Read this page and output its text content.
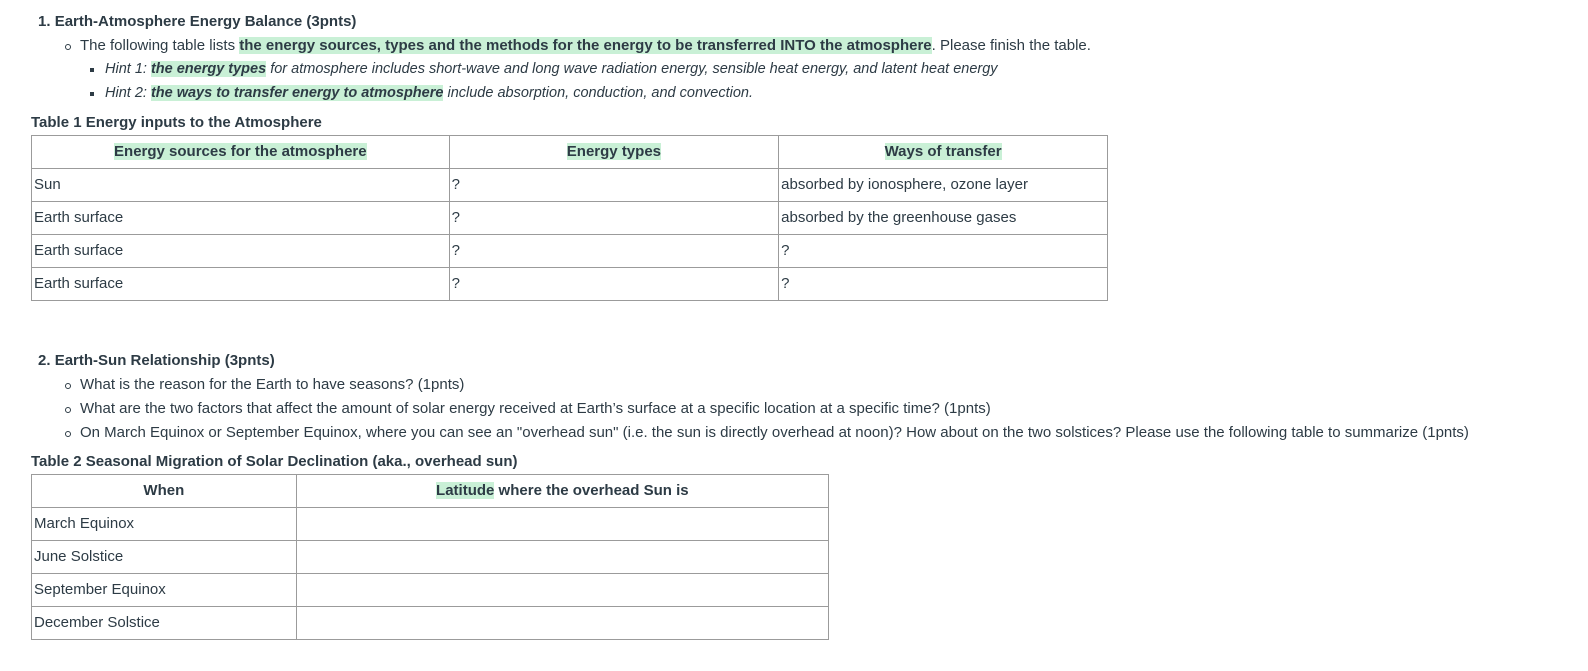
1. Earth-Atmosphere Energy Balance (3pnts)
The following table lists the energy sources, types and the methods for the energy to be transferred INTO the atmosphere. Please finish the table.
Hint 1: the energy types for atmosphere includes short-wave and long wave radiation energy, sensible heat energy, and latent heat energy
Hint 2: the ways to transfer energy to atmosphere include absorption, conduction, and convection.
Table 1 Energy inputs to the Atmosphere
Energy sources for the atmosphere	Energy types	Ways of transfer
Sun	?	absorbed by ionosphere, ozone layer
Earth surface	?	absorbed by the greenhouse gases
Earth surface	?	?
Earth surface	?	?
2. Earth-Sun Relationship (3pnts)
What is the reason for the Earth to have seasons? (1pnts)
What are the two factors that affect the amount of solar energy received at Earth’s surface at a specific location at a specific time? (1pnts)
On March Equinox or September Equinox, where you can see an "overhead sun" (i.e. the sun is directly overhead at noon)? How about on the two solstices? Please use the following table to summarize (1pnts)
Table 2 Seasonal Migration of Solar Declination (aka., overhead sun)
When	Latitude where the overhead Sun is
March Equinox	
June Solstice	
September Equinox	
December Solstice	
